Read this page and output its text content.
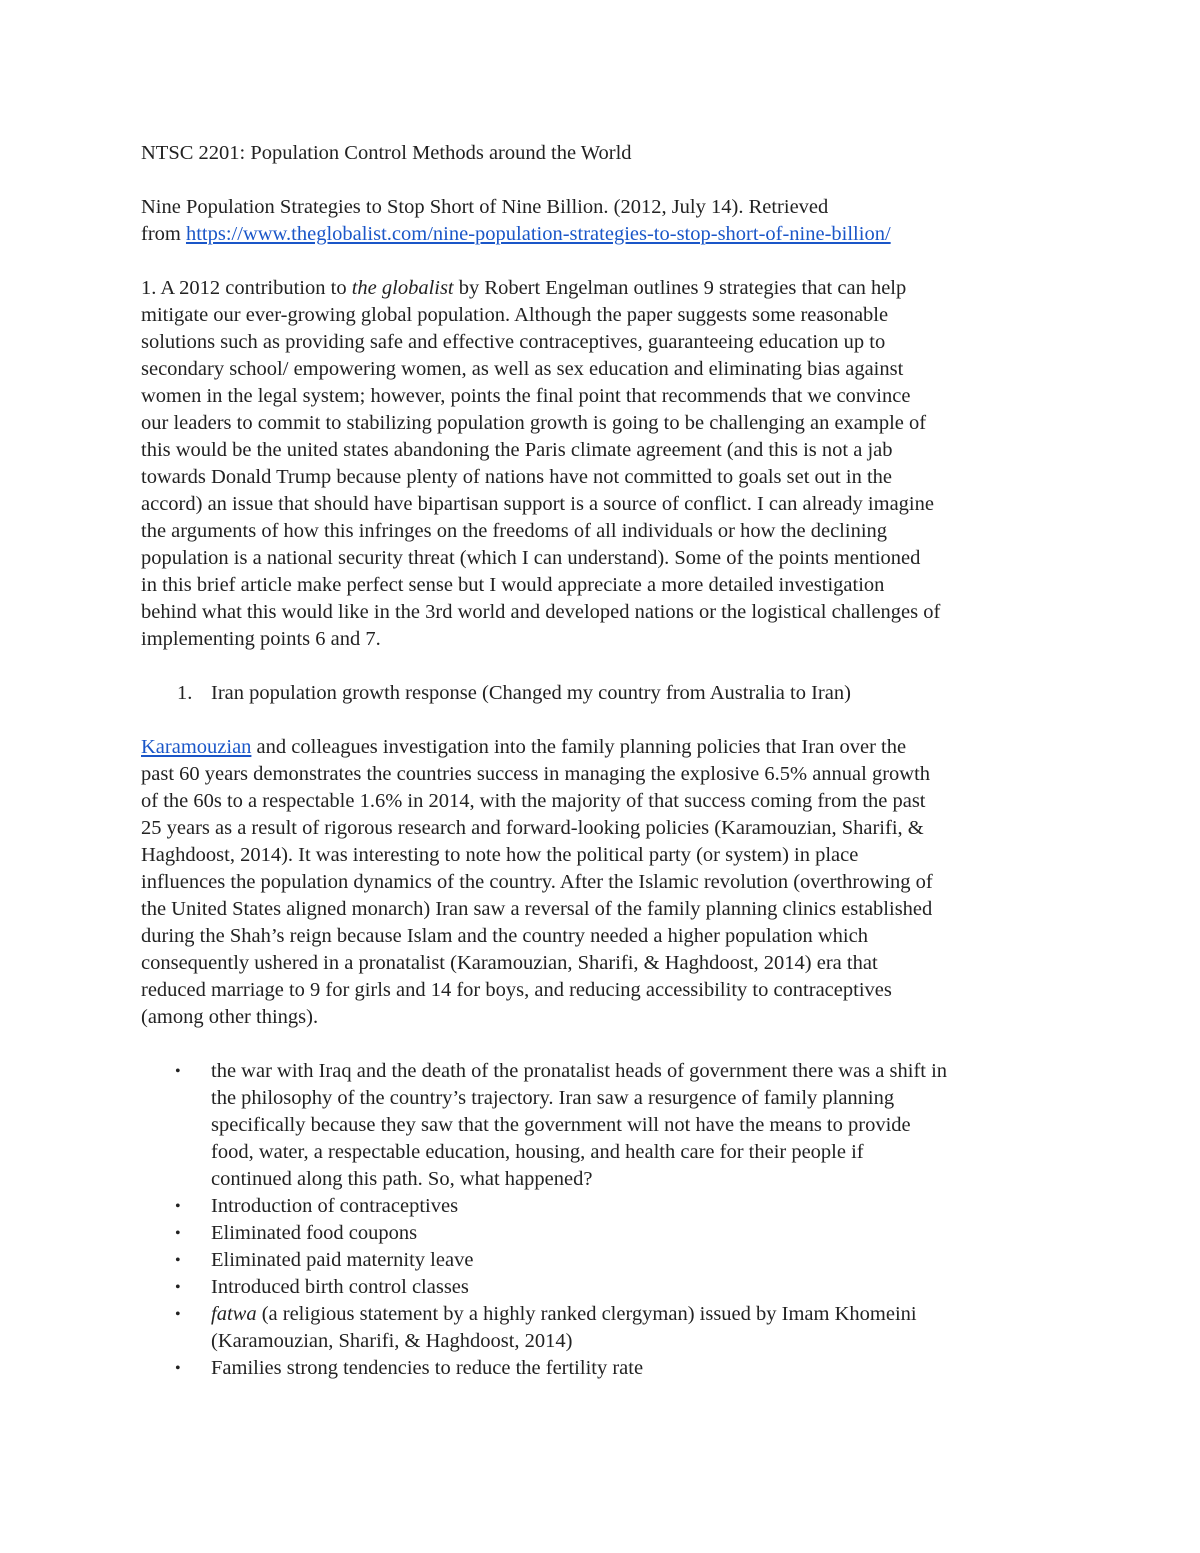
NTSC 2201: Population Control Methods around the World

Nine Population Strategies to Stop Short of Nine Billion. (2012, July 14). Retrieved

from https://www.theglobalist.com/nine-population-strategies-to-stop-short-of-nine-billion/

1. A 2012 contribution to the globalist by Robert Engelman outlines 9 strategies that can help

mitigate our ever-growing global population. Although the paper suggests some reasonable

solutions such as providing safe and effective contraceptives, guaranteeing education up to

secondary school/ empowering women, as well as sex education and eliminating bias against

women in the legal system; however, points the final point that recommends that we convince

our leaders to commit to stabilizing population growth is going to be challenging an example of

this would be the united states abandoning the Paris climate agreement (and this is not a jab

towards Donald Trump because plenty of nations have not committed to goals set out in the

accord) an issue that should have bipartisan support is a source of conflict. I can already imagine

the arguments of how this infringes on the freedoms of all individuals or how the declining

population is a national security threat (which I can understand). Some of the points mentioned

in this brief article make perfect sense but I would appreciate a more detailed investigation

behind what this would like in the 3rd world and developed nations or the logistical challenges of

implementing points 6 and 7.

1. Iran population growth response (Changed my country from Australia to Iran)

Karamouzian and colleagues investigation into the family planning policies that Iran over the

past 60 years demonstrates the countries success in managing the explosive 6.5% annual growth

of the 60s to a respectable 1.6% in 2014, with the majority of that success coming from the past

25 years as a result of rigorous research and forward-looking policies (Karamouzian, Sharifi, &

Haghdoost, 2014). It was interesting to note how the political party (or system) in place

influences the population dynamics of the country. After the Islamic revolution (overthrowing of

the United States aligned monarch) Iran saw a reversal of the family planning clinics established

during the Shah’s reign because Islam and the country needed a higher population which

consequently ushered in a pronatalist (Karamouzian, Sharifi, & Haghdoost, 2014) era that

reduced marriage to 9 for girls and 14 for boys, and reducing accessibility to contraceptives

(among other things).

• the war with Iraq and the death of the pronatalist heads of government there was a shift in
the philosophy of the country’s trajectory. Iran saw a resurgence of family planning
specifically because they saw that the government will not have the means to provide
food, water, a respectable education, housing, and health care for their people if
continued along this path. So, what happened?
• Introduction of contraceptives
• Eliminated food coupons
• Eliminated paid maternity leave
• Introduced birth control classes
• fatwa (a religious statement by a highly ranked clergyman) issued by Imam Khomeini
(Karamouzian, Sharifi, & Haghdoost, 2014)
• Families strong tendencies to reduce the fertility rate
